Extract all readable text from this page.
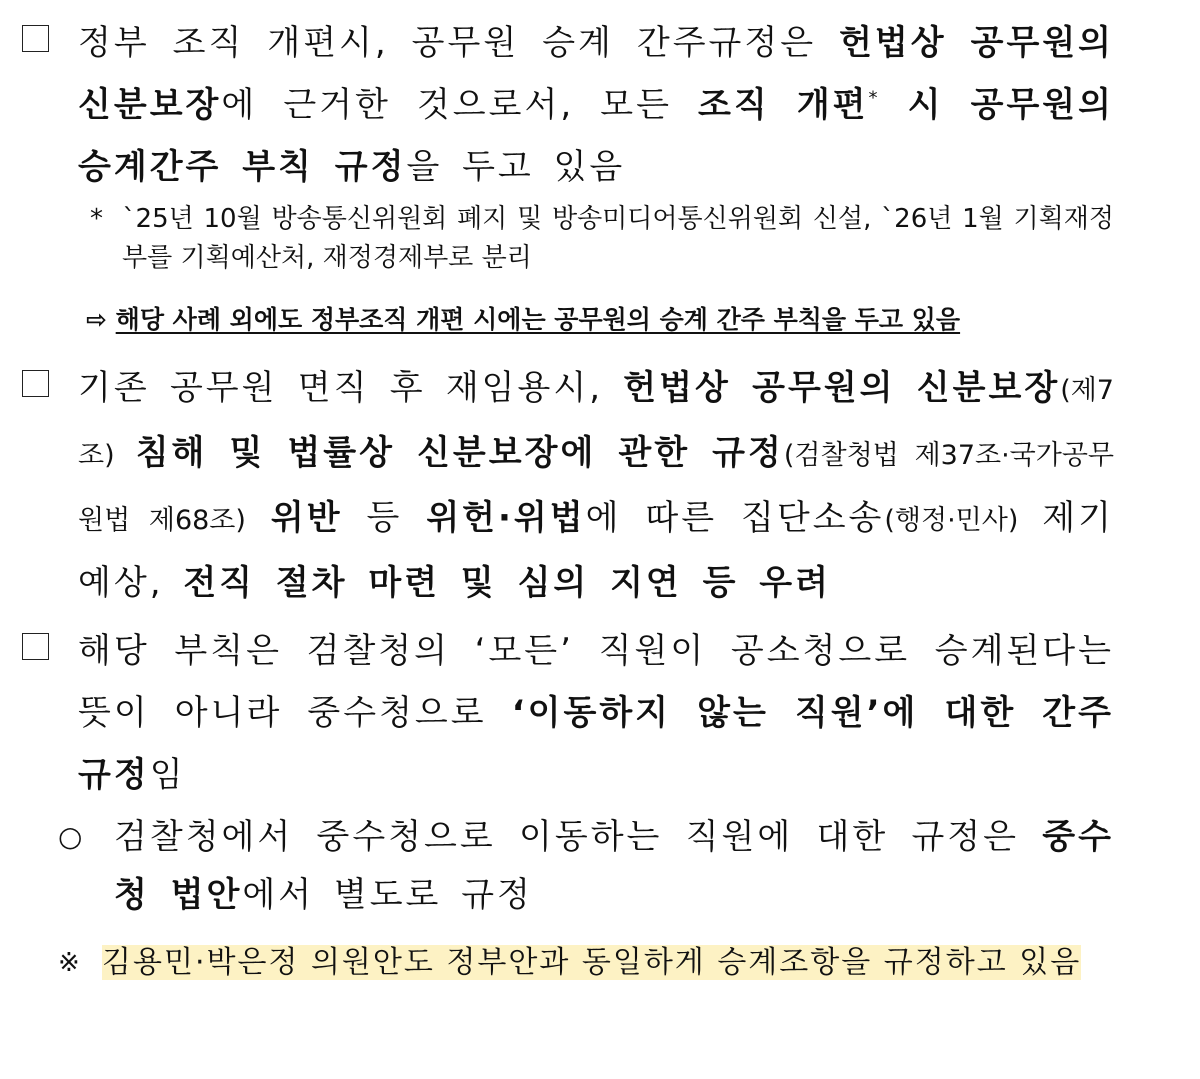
정부 조직 개편시, 공무원 승계 간주규정은 헌법상 공무원의 신분보장에 근거한 것으로서, 모든 조직 개편* 시 공무원의 승계간주 부칙 규정을 두고 있음
* `25년 10월 방송통신위원회 폐지 및 방송미디어통신위원회 신설, `26년 1월 기획재정부를 기획예산처, 재정경제부로 분리
⇨ 해당 사례 외에도 정부조직 개편 시에는 공무원의 승계 간주 부칙을 두고 있음
기존 공무원 면직 후 재임용시, 헌법상 공무원의 신분보장(제7조) 침해 및 법률상 신분보장에 관한 규정(검찰청법 제37조·국가공무원법 제68조) 위반 등 위헌·위법에 따른 집단소송(행정·민사) 제기 예상, 전직 절차 마련 및 심의 지연 등 우려
해당 부칙은 검찰청의 ‘모든’ 직원이 공소청으로 승계된다는 뜻이 아니라 중수청으로 ‘이동하지 않는 직원’에 대한 간주 규정임
○ 검찰청에서 중수청으로 이동하는 직원에 대한 규정은 중수청 법안에서 별도로 규정
※ 김용민·박은정 의원안도 정부안과 동일하게 승계조항을 규정하고 있음
